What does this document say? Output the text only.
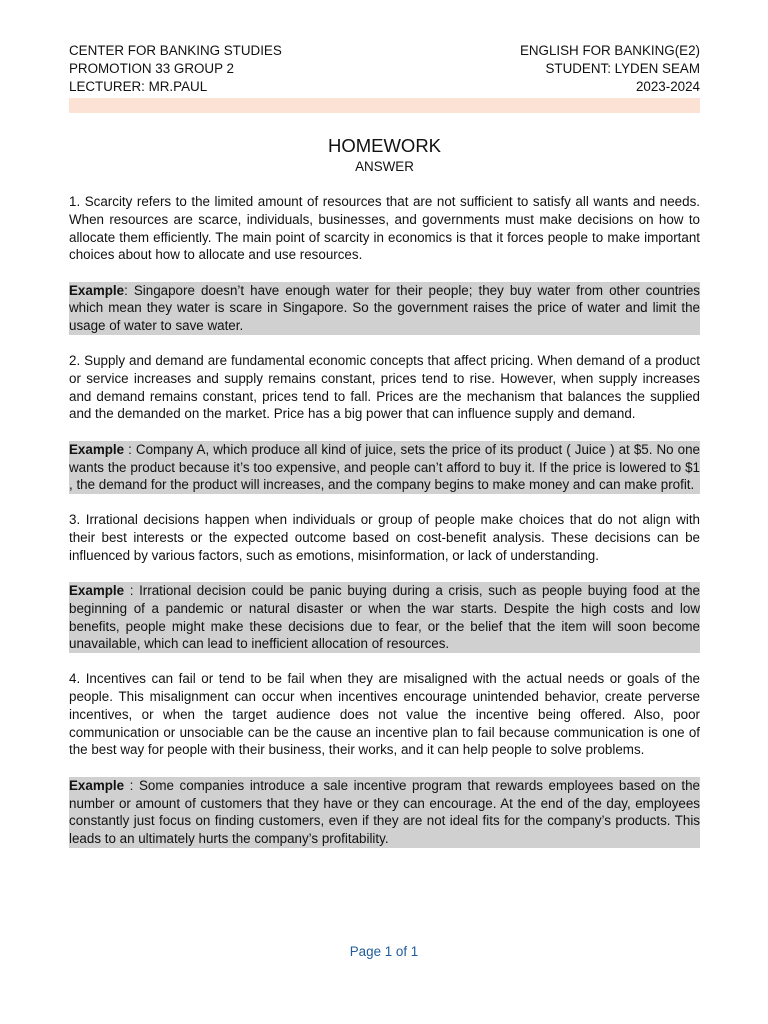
CENTER FOR BANKING STUDIES
PROMOTION 33 GROUP 2
LECTURER: MR.PAUL
ENGLISH FOR BANKING(E2)
STUDENT: LYDEN SEAM
2023-2024
HOMEWORK
ANSWER

1. Scarcity refers to the limited amount of resources that are not sufficient to satisfy all wants and needs. When resources are scarce, individuals, businesses, and governments must make decisions on how to allocate them efficiently. The main point of scarcity in economics is that it forces people to make important choices about how to allocate and use resources.

Example: Singapore doesn’t have enough water for their people; they buy water from other countries which mean they water is scare in Singapore. So the government raises the price of water and limit the usage of water to save water.

2. Supply and demand are fundamental economic concepts that affect pricing. When demand of a product or service increases and supply remains constant, prices tend to rise. However, when supply increases and demand remains constant, prices tend to fall. Prices are the mechanism that balances the supplied and the demanded on the market. Price has a big power that can influence supply and demand.

Example : Company A, which produce all kind of juice, sets the price of its product ( Juice ) at $5. No one wants the product because it’s too expensive, and people can’t afford to buy it. If the price is lowered to $1 , the demand for the product will increases, and the company begins to make money and can make profit.

3. Irrational decisions happen when individuals or group of people make choices that do not align with their best interests or the expected outcome based on cost-benefit analysis. These decisions can be influenced by various factors, such as emotions, misinformation, or lack of understanding.

Example : Irrational decision could be panic buying during a crisis, such as people buying food at the beginning of a pandemic or natural disaster or when the war starts. Despite the high costs and low benefits, people might make these decisions due to fear, or the belief that the item will soon become unavailable, which can lead to inefficient allocation of resources.

4. Incentives can fail or tend to be fail when they are misaligned with the actual needs or goals of the people. This misalignment can occur when incentives encourage unintended behavior, create perverse incentives, or when the target audience does not value the incentive being offered. Also, poor communication or unsociable can be the cause an incentive plan to fail because communication is one of the best way for people with their business, their works, and it can help people to solve problems.

Example : Some companies introduce a sale incentive program that rewards employees based on the number or amount of customers that they have or they can encourage. At the end of the day, employees constantly just focus on finding customers, even if they are not ideal fits for the company’s products. This leads to an ultimately hurts the company’s profitability.

Page 1 of 1
